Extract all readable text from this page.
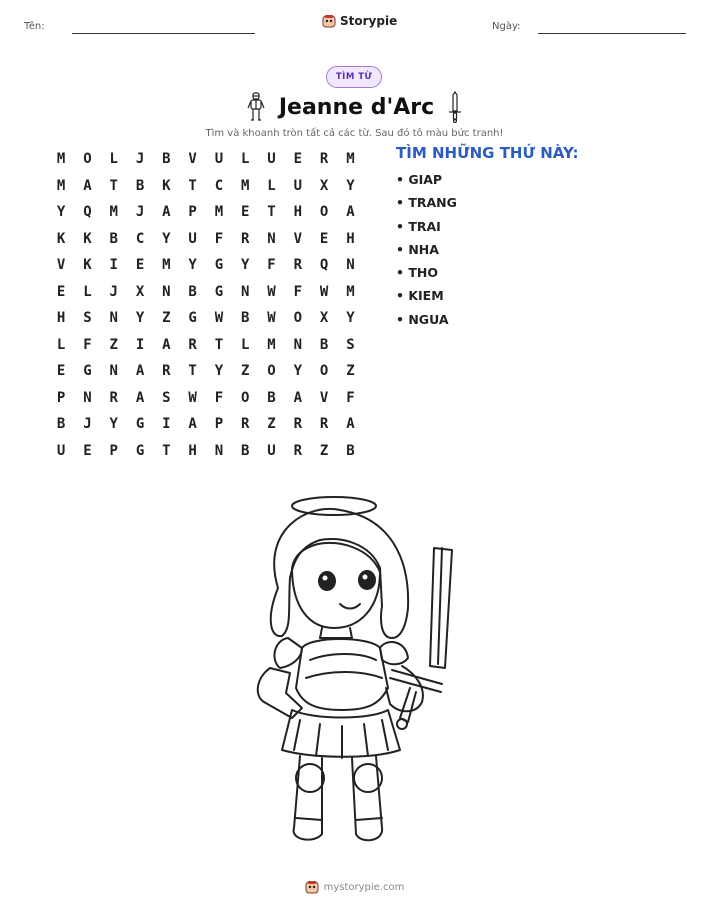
Tên:	Storypie	Ngày:
TÌM TỪ
Jeanne d'Arc
Tìm và khoanh tròn tất cả các từ. Sau đó tô màu bức tranh!
M	O	L	J	B	V	U	L	U	E	R	M
M	A	T	B	K	T	C	M	L	U	X	Y
Y	Q	M	J	A	P	M	E	T	H	O	A
K	K	B	C	Y	U	F	R	N	V	E	H
V	K	I	E	M	Y	G	Y	F	R	Q	N
E	L	J	X	N	B	G	N	W	F	W	M
H	S	N	Y	Z	G	W	B	W	O	X	Y
L	F	Z	I	A	R	T	L	M	N	B	S
E	G	N	A	R	T	Y	Z	O	Y	O	Z
P	N	R	A	S	W	F	O	B	A	V	F
B	J	Y	G	I	A	P	R	Z	R	R	A
U	E	P	G	T	H	N	B	U	R	Z	B
TÌM NHỮNG THỨ NÀY:
• GIAP
• TRANG
• TRAI
• NHA
• THO
• KIEM
• NGUA
mystorypie.com
